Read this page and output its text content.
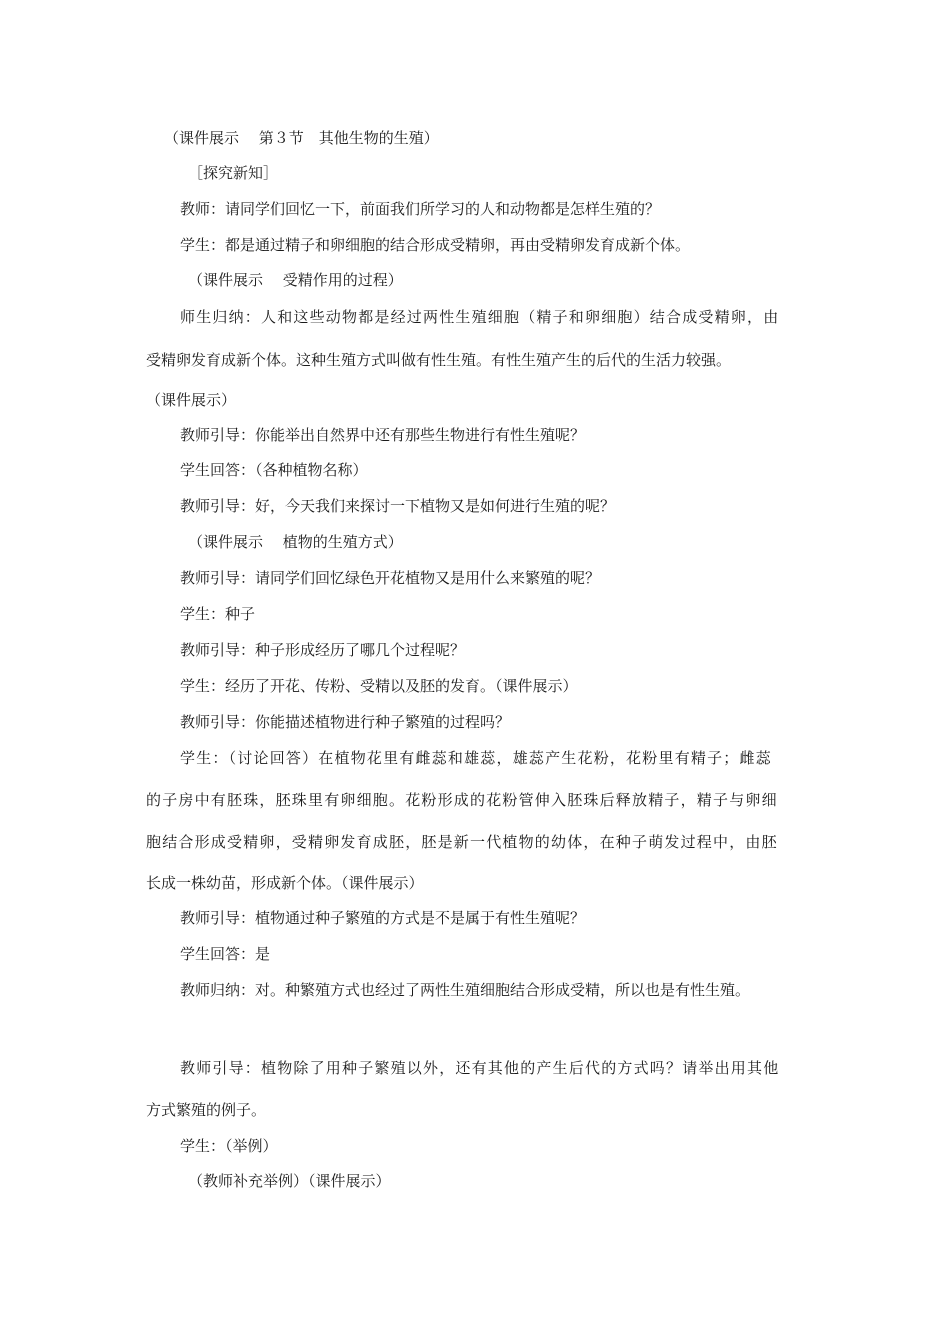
（课件展示　 第３节　其他生物的生殖）
［探究新知］
教师：请同学们回忆一下，前面我们所学习的人和动物都是怎样生殖的？
学生：都是通过精子和卵细胞的结合形成受精卵，再由受精卵发育成新个体。
（课件展示　 受精作用的过程）
师生归纳：人和这些动物都是经过两性生殖细胞（精子和卵细胞）结合成受精卵，由
受精卵发育成新个体。这种生殖方式叫做有性生殖。有性生殖产生的后代的生活力较强。
（课件展示）
教师引导：你能举出自然界中还有那些生物进行有性生殖呢？
学生回答：（各种植物名称）
教师引导：好，今天我们来探讨一下植物又是如何进行生殖的呢？
（课件展示　 植物的生殖方式）
教师引导：请同学们回忆绿色开花植物又是用什么来繁殖的呢？
学生：种子
教师引导：种子形成经历了哪几个过程呢？
学生：经历了开花、传粉、受精以及胚的发育。（课件展示）
教师引导：你能描述植物进行种子繁殖的过程吗？
学生：（讨论回答）在植物花里有雌蕊和雄蕊，雄蕊产生花粉，花粉里有精子；雌蕊
的子房中有胚珠，胚珠里有卵细胞。花粉形成的花粉管伸入胚珠后释放精子，精子与卵细
胞结合形成受精卵，受精卵发育成胚，胚是新一代植物的幼体，在种子萌发过程中，由胚
长成一株幼苗，形成新个体。（课件展示）
教师引导：植物通过种子繁殖的方式是不是属于有性生殖呢？
学生回答：是
教师归纳：对。种繁殖方式也经过了两性生殖细胞结合形成受精，所以也是有性生殖。
教师引导：植物除了用种子繁殖以外，还有其他的产生后代的方式吗？请举出用其他
方式繁殖的例子。
学生：（举例）
（教师补充举例）（课件展示）
